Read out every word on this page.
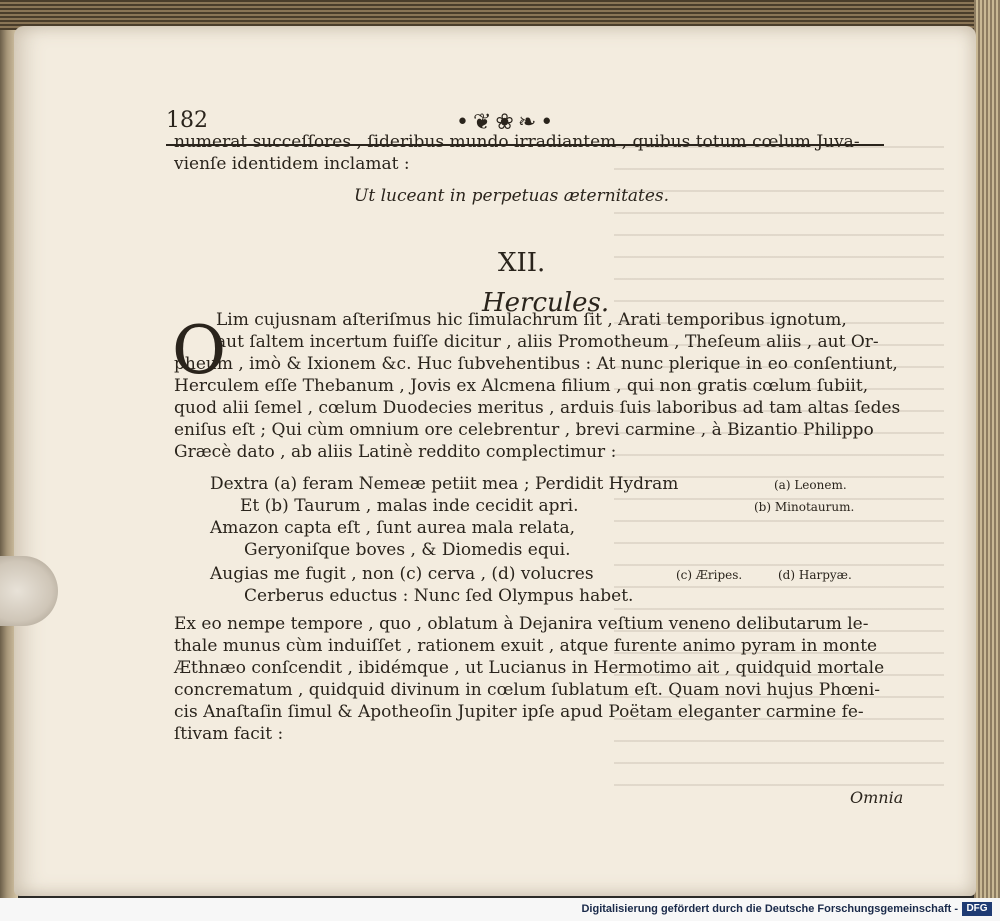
182	•❦❀❧•
numerat succeſſores , ſideribus mundo irradiantem , quibus totum cœlum Juva-
vienſe identidem inclamat :
Ut luceant in perpetuas æternitates.
XII.
Hercules.
O
Lim cujusnam aſteriſmus hic ſimulachrum ſit , Arati temporibus ignotum,
aut ſaltem incertum fuiſſe dicitur , aliis Promotheum , Theſeum aliis , aut Or-
pheum , imò & Ixionem &c. Huc ſubvehentibus : At nunc plerique in eo conſentiunt,
Herculem eſſe Thebanum , Jovis ex Alcmena filium , qui non gratis cœlum ſubiit,
quod alii ſemel , cœlum Duodecies meritus , arduis ſuis laboribus ad tam altas ſedes
eniſus eſt ; Qui cùm omnium ore celebrentur , brevi carmine , à Bizantio Philippo
Græcè dato , ab aliis Latinè reddito complectimur :
Dextra (a) feram Nemeæ petiit mea ; Perdidit Hydram	(a) Leonem.
Et (b) Taurum , malas inde cecidit apri.	(b) Minotaurum.
Amazon capta eſt , ſunt aurea mala relata,
Geryoniſque boves , & Diomedis equi.
Augias me fugit , non (c) cerva , (d) volucres	(c) Æripes.	(d) Harpyæ.
Cerberus eductus : Nunc ſed Olympus habet.
Ex eo nempe tempore , quo , oblatum à Dejanira veſtium veneno delibutarum le-
thale munus cùm induiſſet , rationem exuit , atque furente animo pyram in monte
Æthnæo conſcendit , ibidémque , ut Lucianus in Hermotimo ait , quidquid mortale
concrematum , quidquid divinum in cœlum ſublatum eſt. Quam novi hujus Phœni-
cis Anaſtaſin ſimul & Apotheoſin Jupiter ipſe apud Poëtam eleganter carmine fe-
ſtivam facit :
Omnia
Digitalisierung gefördert durch die Deutsche Forschungsgemeinschaft - DFG
